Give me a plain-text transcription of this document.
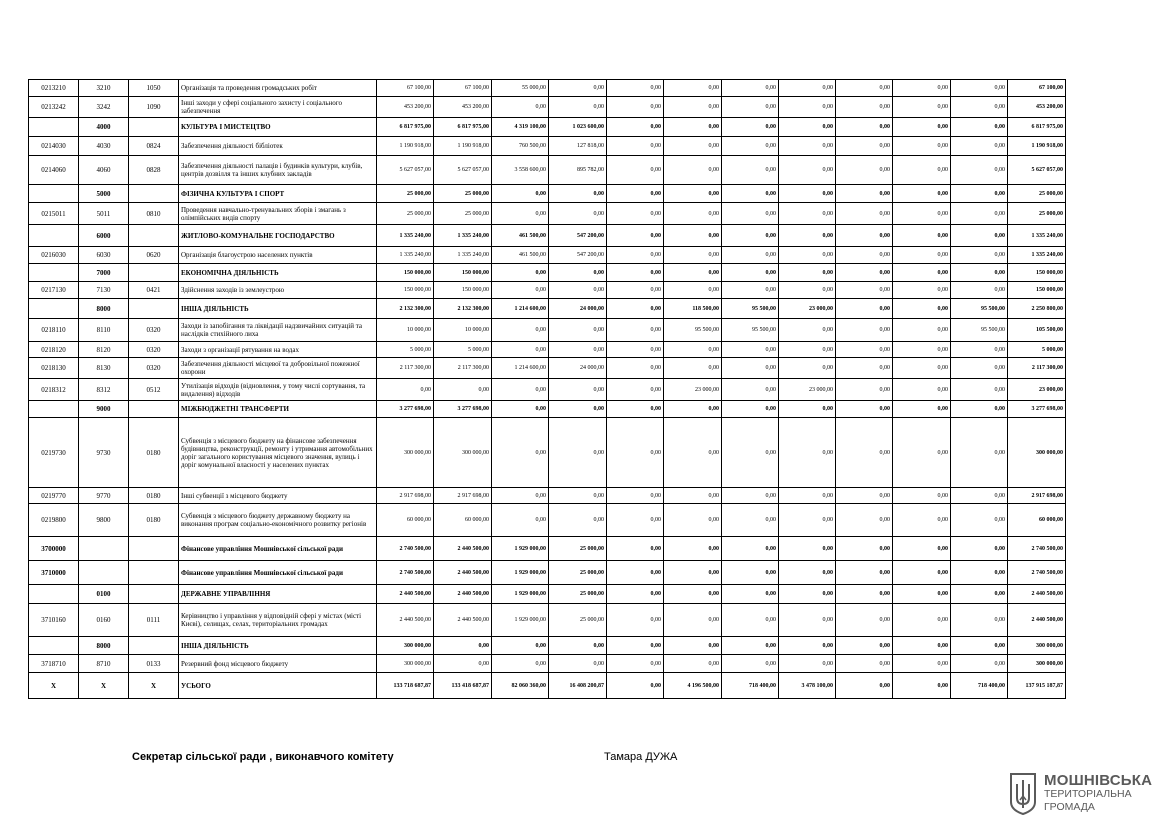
0213210	3210	1050	Організація та проведення громадських робіт	67 100,00	67 100,00	55 000,00	0,00	0,00	0,00	0,00	0,00	0,00	0,00	0,00	67 100,00
0213242	3242	1090	Інші заходи у сфері соціального захисту і соціального забезпечення	453 200,00	453 200,00	0,00	0,00	0,00	0,00	0,00	0,00	0,00	0,00	0,00	453 200,00
	4000		КУЛЬТУРА І МИСТЕЦТВО	6 817 975,00	6 817 975,00	4 319 100,00	1 023 600,00	0,00	0,00	0,00	0,00	0,00	0,00	0,00	6 817 975,00
0214030	4030	0824	Забезпечення діяльності бібліотек	1 190 918,00	1 190 918,00	760 500,00	127 818,00	0,00	0,00	0,00	0,00	0,00	0,00	0,00	1 190 918,00
0214060	4060	0828	Забезпечення діяльності палаців i будинків культури, клубів, центрів дозвілля та iнших клубних закладів	5 627 057,00	5 627 057,00	3 558 600,00	895 782,00	0,00	0,00	0,00	0,00	0,00	0,00	0,00	5 627 057,00
	5000		ФІЗИЧНА КУЛЬТУРА І СПОРТ	25 000,00	25 000,00	0,00	0,00	0,00	0,00	0,00	0,00	0,00	0,00	0,00	25 000,00
0215011	5011	0810	Проведення навчально-тренувальних зборів і змагань з олімпійських видів спорту	25 000,00	25 000,00	0,00	0,00	0,00	0,00	0,00	0,00	0,00	0,00	0,00	25 000,00
	6000		ЖИТЛОВО-КОМУНАЛЬНЕ ГОСПОДАРСТВО	1 335 240,00	1 335 240,00	461 500,00	547 200,00	0,00	0,00	0,00	0,00	0,00	0,00	0,00	1 335 240,00
0216030	6030	0620	Організація благоустрою населених пунктів	1 335 240,00	1 335 240,00	461 500,00	547 200,00	0,00	0,00	0,00	0,00	0,00	0,00	0,00	1 335 240,00
	7000		ЕКОНОМІЧНА ДІЯЛЬНІСТЬ	150 000,00	150 000,00	0,00	0,00	0,00	0,00	0,00	0,00	0,00	0,00	0,00	150 000,00
0217130	7130	0421	Здійснення заходів із землеустрою	150 000,00	150 000,00	0,00	0,00	0,00	0,00	0,00	0,00	0,00	0,00	0,00	150 000,00
	8000		ІНША ДІЯЛЬНІСТЬ	2 132 300,00	2 132 300,00	1 214 600,00	24 000,00	0,00	118 500,00	95 500,00	23 000,00	0,00	0,00	95 500,00	2 250 800,00
0218110	8110	0320	Заходи із запобігання та ліквідації надзвичайних ситуацій та наслідків стихійного лиха	10 000,00	10 000,00	0,00	0,00	0,00	95 500,00	95 500,00	0,00	0,00	0,00	95 500,00	105 500,00
0218120	8120	0320	Заходи з організації рятування на водах	5 000,00	5 000,00	0,00	0,00	0,00	0,00	0,00	0,00	0,00	0,00	0,00	5 000,00
0218130	8130	0320	Забезпечення діяльності місцевої та добровільної пожежної охорони	2 117 300,00	2 117 300,00	1 214 600,00	24 000,00	0,00	0,00	0,00	0,00	0,00	0,00	0,00	2 117 300,00
0218312	8312	0512	Утилізація відходів (відновлення, у тому числі сортування, та видалення) відходів	0,00	0,00	0,00	0,00	0,00	23 000,00	0,00	23 000,00	0,00	0,00	0,00	23 000,00
	9000		МІЖБЮДЖЕТНІ ТРАНСФЕРТИ	3 277 698,00	3 277 698,00	0,00	0,00	0,00	0,00	0,00	0,00	0,00	0,00	0,00	3 277 698,00
0219730	9730	0180	Субвенція з місцевого бюджету на фінансове забезпечення будівництва, реконструкції, ремонту і утримання автомобільних доріг загального користування місцевого значення, вулиць і доріг комунальної власності у населених пунктах	300 000,00	300 000,00	0,00	0,00	0,00	0,00	0,00	0,00	0,00	0,00	0,00	300 000,00
0219770	9770	0180	Інші субвенції з місцевого бюджету	2 917 698,00	2 917 698,00	0,00	0,00	0,00	0,00	0,00	0,00	0,00	0,00	0,00	2 917 698,00
0219800	9800	0180	Субвенція з місцевого бюджету державному бюджету на виконання програм соціально-економічного розвитку регіонів	60 000,00	60 000,00	0,00	0,00	0,00	0,00	0,00	0,00	0,00	0,00	0,00	60 000,00
3700000			Фінансове управління Мошнівської сільської ради	2 740 500,00	2 440 500,00	1 929 000,00	25 000,00	0,00	0,00	0,00	0,00	0,00	0,00	0,00	2 740 500,00
3710000			Фінансове управління Мошнівської сільської ради	2 740 500,00	2 440 500,00	1 929 000,00	25 000,00	0,00	0,00	0,00	0,00	0,00	0,00	0,00	2 740 500,00
	0100		ДЕРЖАВНЕ УПРАВЛІННЯ	2 440 500,00	2 440 500,00	1 929 000,00	25 000,00	0,00	0,00	0,00	0,00	0,00	0,00	0,00	2 440 500,00
3710160	0160	0111	Керівництво і управління у відповідній сфері у містах (місті Києві), селищах, селах, територіальних громадах	2 440 500,00	2 440 500,00	1 929 000,00	25 000,00	0,00	0,00	0,00	0,00	0,00	0,00	0,00	2 440 500,00
	8000		ІНША ДІЯЛЬНІСТЬ	300 000,00	0,00	0,00	0,00	0,00	0,00	0,00	0,00	0,00	0,00	0,00	300 000,00
3718710	8710	0133	Резервний фонд місцевого бюджету	300 000,00	0,00	0,00	0,00	0,00	0,00	0,00	0,00	0,00	0,00	0,00	300 000,00
X	X	X	УСЬОГО	133 718 687,87	133 418 687,87	82 060 360,00	16 408 200,87	0,00	4 196 500,00	718 400,00	3 478 100,00	0,00	0,00	718 400,00	137 915 187,87
Секретар сільської ради , виконавчого комітету	Тамара ДУЖА
МОШНІВСЬКА
ТЕРИТОРІАЛЬНА
ГРОМАДА
